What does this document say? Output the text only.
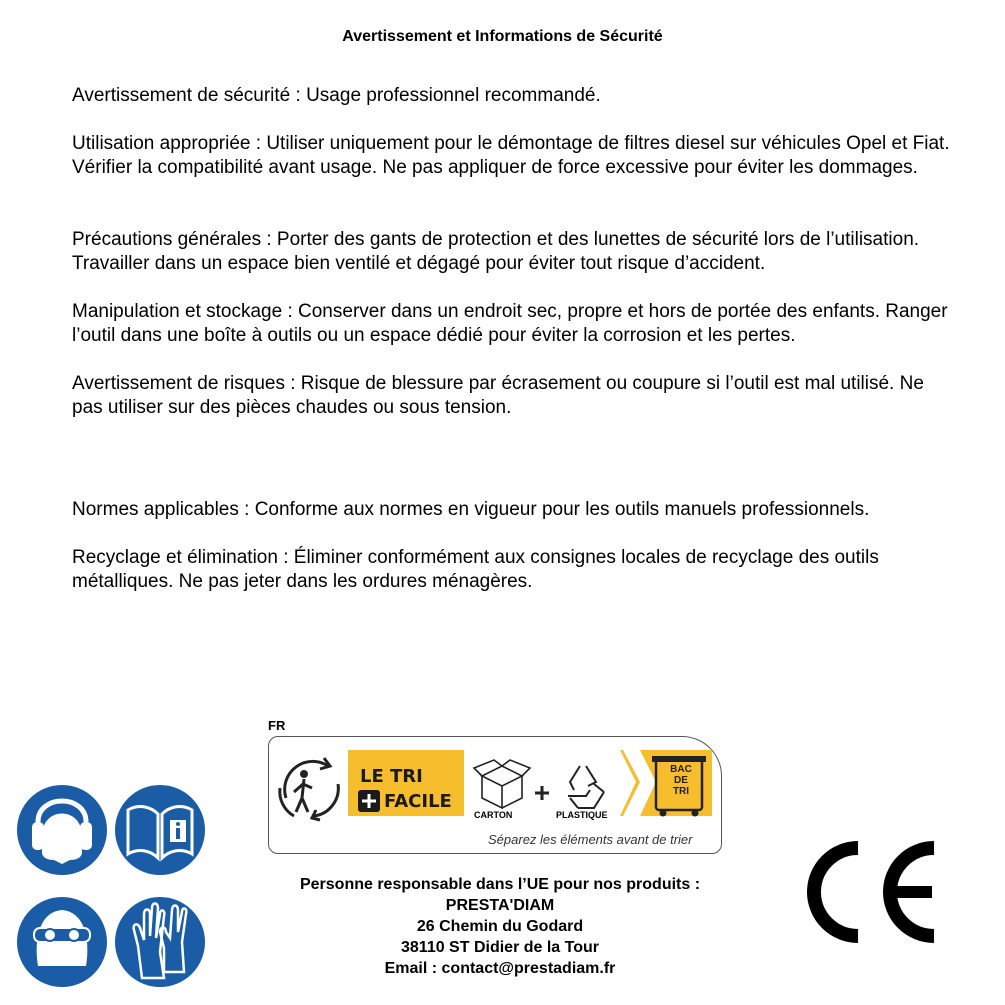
Avertissement et Informations de Sécurité

Avertissement de sécurité : Usage professionnel recommandé.

Utilisation appropriée : Utiliser uniquement pour le démontage de filtres diesel sur véhicules Opel et Fiat. Vérifier la compatibilité avant usage. Ne pas appliquer de force excessive pour éviter les dommages.

Précautions générales : Porter des gants de protection et des lunettes de sécurité lors de l’utilisation. Travailler dans un espace bien ventilé et dégagé pour éviter tout risque d’accident.

Manipulation et stockage : Conserver dans un endroit sec, propre et hors de portée des enfants. Ranger l’outil dans une boîte à outils ou un espace dédié pour éviter la corrosion et les pertes.

Avertissement de risques : Risque de blessure par écrasement ou coupure si l’outil est mal utilisé. Ne pas utiliser sur des pièces chaudes ou sous tension.

Normes applicables : Conforme aux normes en vigueur pour les outils manuels professionnels.

Recyclage et élimination : Éliminer conformément aux consignes locales de recyclage des outils métalliques. Ne pas jeter dans les ordures ménagères.

FR
LE TRI
FACILE
CARTON	PLASTIQUE
BAC
DE
TRI
Séparez les éléments avant de trier
Personne responsable dans l’UE pour nos produits :
PRESTA'DIAM
26 Chemin du Godard
38110 ST Didier de la Tour
Email : contact@prestadiam.fr
